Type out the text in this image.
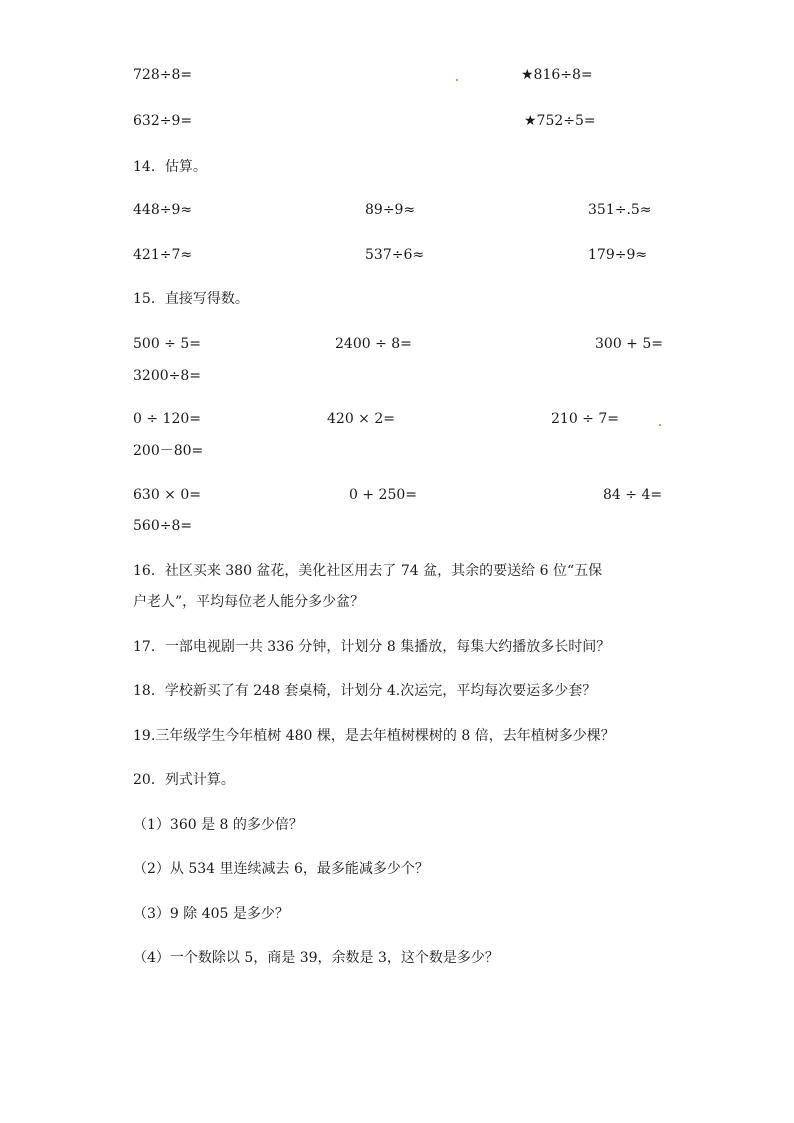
728÷8=	★816÷8=
632÷9=	★752÷5=
14．估算。
448÷9≈	89÷9≈	351÷.5≈
421÷7≈	537÷6≈	179÷9≈
15．直接写得数。
500 ÷ 5=	2400 ÷ 8=	300 + 5=
3200÷8=
0 ÷ 120=	420 × 2=	210 ÷ 7=
200－80=
630 × 0=	0 + 250=	84 ÷ 4=
560÷8=
16．社区买来 380 盆花，美化社区用去了 74 盆，其余的要送给 6 位“五保
户老人”，平均每位老人能分多少盆？
17．一部电视剧一共 336 分钟，计划分 8 集播放，每集大约播放多长时间？
18．学校新买了有 248 套桌椅，计划分 4.次运完，平均每次要运多少套？
19.三年级学生今年植树 480 棵，是去年植树棵树的 8 倍，去年植树多少棵？
20．列式计算。
（1）360 是 8 的多少倍？
（2）从 534 里连续减去 6，最多能减多少个？
（3）9 除 405 是多少？
（4）一个数除以 5，商是 39，余数是 3，这个数是多少？
